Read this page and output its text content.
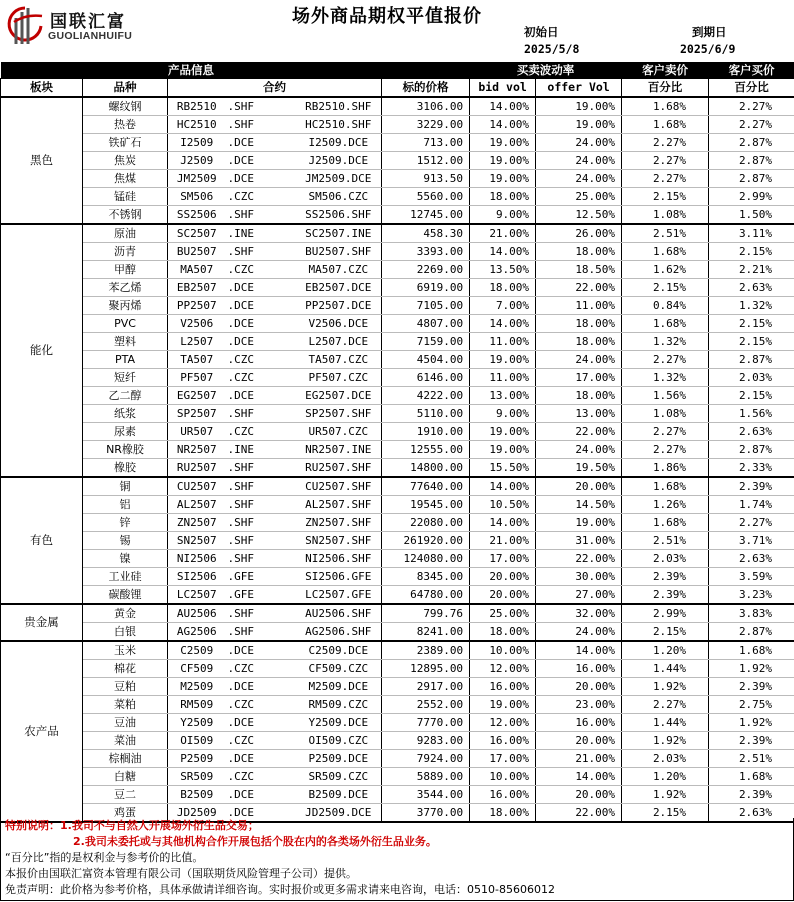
国联汇富
GUOLIANHUIFU
场外商品期权平值报价
初始日
2025/5/8
到期日
2025/6/9
产品信息						买卖波动率		客户卖价	客户买价
板块	品种	合约			标的价格	bid vol	offer Vol	百分比	百分比
黑色	螺纹钢	RB2510	.SHF	RB2510.SHF	3106.00	14.00%	19.00%	1.68%	2.27%
	热卷	HC2510	.SHF	HC2510.SHF	3229.00	14.00%	19.00%	1.68%	2.27%
	铁矿石	I2509	.DCE	I2509.DCE	713.00	19.00%	24.00%	2.27%	2.87%
	焦炭	J2509	.DCE	J2509.DCE	1512.00	19.00%	24.00%	2.27%	2.87%
	焦煤	JM2509	.DCE	JM2509.DCE	913.50	19.00%	24.00%	2.27%	2.87%
	锰硅	SM506	.CZC	SM506.CZC	5560.00	18.00%	25.00%	2.15%	2.99%
	不锈钢	SS2506	.SHF	SS2506.SHF	12745.00	9.00%	12.50%	1.08%	1.50%
能化	原油	SC2507	.INE	SC2507.INE	458.30	21.00%	26.00%	2.51%	3.11%
	沥青	BU2507	.SHF	BU2507.SHF	3393.00	14.00%	18.00%	1.68%	2.15%
	甲醇	MA507	.CZC	MA507.CZC	2269.00	13.50%	18.50%	1.62%	2.21%
	苯乙烯	EB2507	.DCE	EB2507.DCE	6919.00	18.00%	22.00%	2.15%	2.63%
	聚丙烯	PP2507	.DCE	PP2507.DCE	7105.00	7.00%	11.00%	0.84%	1.32%
	PVC	V2506	.DCE	V2506.DCE	4807.00	14.00%	18.00%	1.68%	2.15%
	塑料	L2507	.DCE	L2507.DCE	7159.00	11.00%	18.00%	1.32%	2.15%
	PTA	TA507	.CZC	TA507.CZC	4504.00	19.00%	24.00%	2.27%	2.87%
	短纤	PF507	.CZC	PF507.CZC	6146.00	11.00%	17.00%	1.32%	2.03%
	乙二醇	EG2507	.DCE	EG2507.DCE	4222.00	13.00%	18.00%	1.56%	2.15%
	纸浆	SP2507	.SHF	SP2507.SHF	5110.00	9.00%	13.00%	1.08%	1.56%
	尿素	UR507	.CZC	UR507.CZC	1910.00	19.00%	22.00%	2.27%	2.63%
	NR橡胶	NR2507	.INE	NR2507.INE	12555.00	19.00%	24.00%	2.27%	2.87%
	橡胶	RU2507	.SHF	RU2507.SHF	14800.00	15.50%	19.50%	1.86%	2.33%
有色	铜	CU2507	.SHF	CU2507.SHF	77640.00	14.00%	20.00%	1.68%	2.39%
	铝	AL2507	.SHF	AL2507.SHF	19545.00	10.50%	14.50%	1.26%	1.74%
	锌	ZN2507	.SHF	ZN2507.SHF	22080.00	14.00%	19.00%	1.68%	2.27%
	锡	SN2507	.SHF	SN2507.SHF	261920.00	21.00%	31.00%	2.51%	3.71%
	镍	NI2506	.SHF	NI2506.SHF	124080.00	17.00%	22.00%	2.03%	2.63%
	工业硅	SI2506	.GFE	SI2506.GFE	8345.00	20.00%	30.00%	2.39%	3.59%
	碳酸锂	LC2507	.GFE	LC2507.GFE	64780.00	20.00%	27.00%	2.39%	3.23%
贵金属	黄金	AU2506	.SHF	AU2506.SHF	799.76	25.00%	32.00%	2.99%	3.83%
	白银	AG2506	.SHF	AG2506.SHF	8241.00	18.00%	24.00%	2.15%	2.87%
农产品	玉米	C2509	.DCE	C2509.DCE	2389.00	10.00%	14.00%	1.20%	1.68%
	棉花	CF509	.CZC	CF509.CZC	12895.00	12.00%	16.00%	1.44%	1.92%
	豆粕	M2509	.DCE	M2509.DCE	2917.00	16.00%	20.00%	1.92%	2.39%
	菜粕	RM509	.CZC	RM509.CZC	2552.00	19.00%	23.00%	2.27%	2.75%
	豆油	Y2509	.DCE	Y2509.DCE	7770.00	12.00%	16.00%	1.44%	1.92%
	菜油	OI509	.CZC	OI509.CZC	9283.00	16.00%	20.00%	1.92%	2.39%
	棕榈油	P2509	.DCE	P2509.DCE	7924.00	17.00%	21.00%	2.03%	2.51%
	白糖	SR509	.CZC	SR509.CZC	5889.00	10.00%	14.00%	1.20%	1.68%
	豆二	B2509	.DCE	B2509.DCE	3544.00	16.00%	20.00%	1.92%	2.39%
	鸡蛋	JD2509	.DCE	JD2509.DCE	3770.00	18.00%	22.00%	2.15%	2.63%
特别说明：1.我司不与自然人开展场外衍生品交易；
2.我司未委托或与其他机构合作开展包括个股在内的各类场外衍生品业务。
“百分比”指的是权利金与参考价的比值。
本报价由国联汇富资本管理有限公司（国联期货风险管理子公司）提供。
免责声明：此价格为参考价格，具体承做请详细咨询。实时报价或更多需求请来电咨询，电话：0510-85606012
